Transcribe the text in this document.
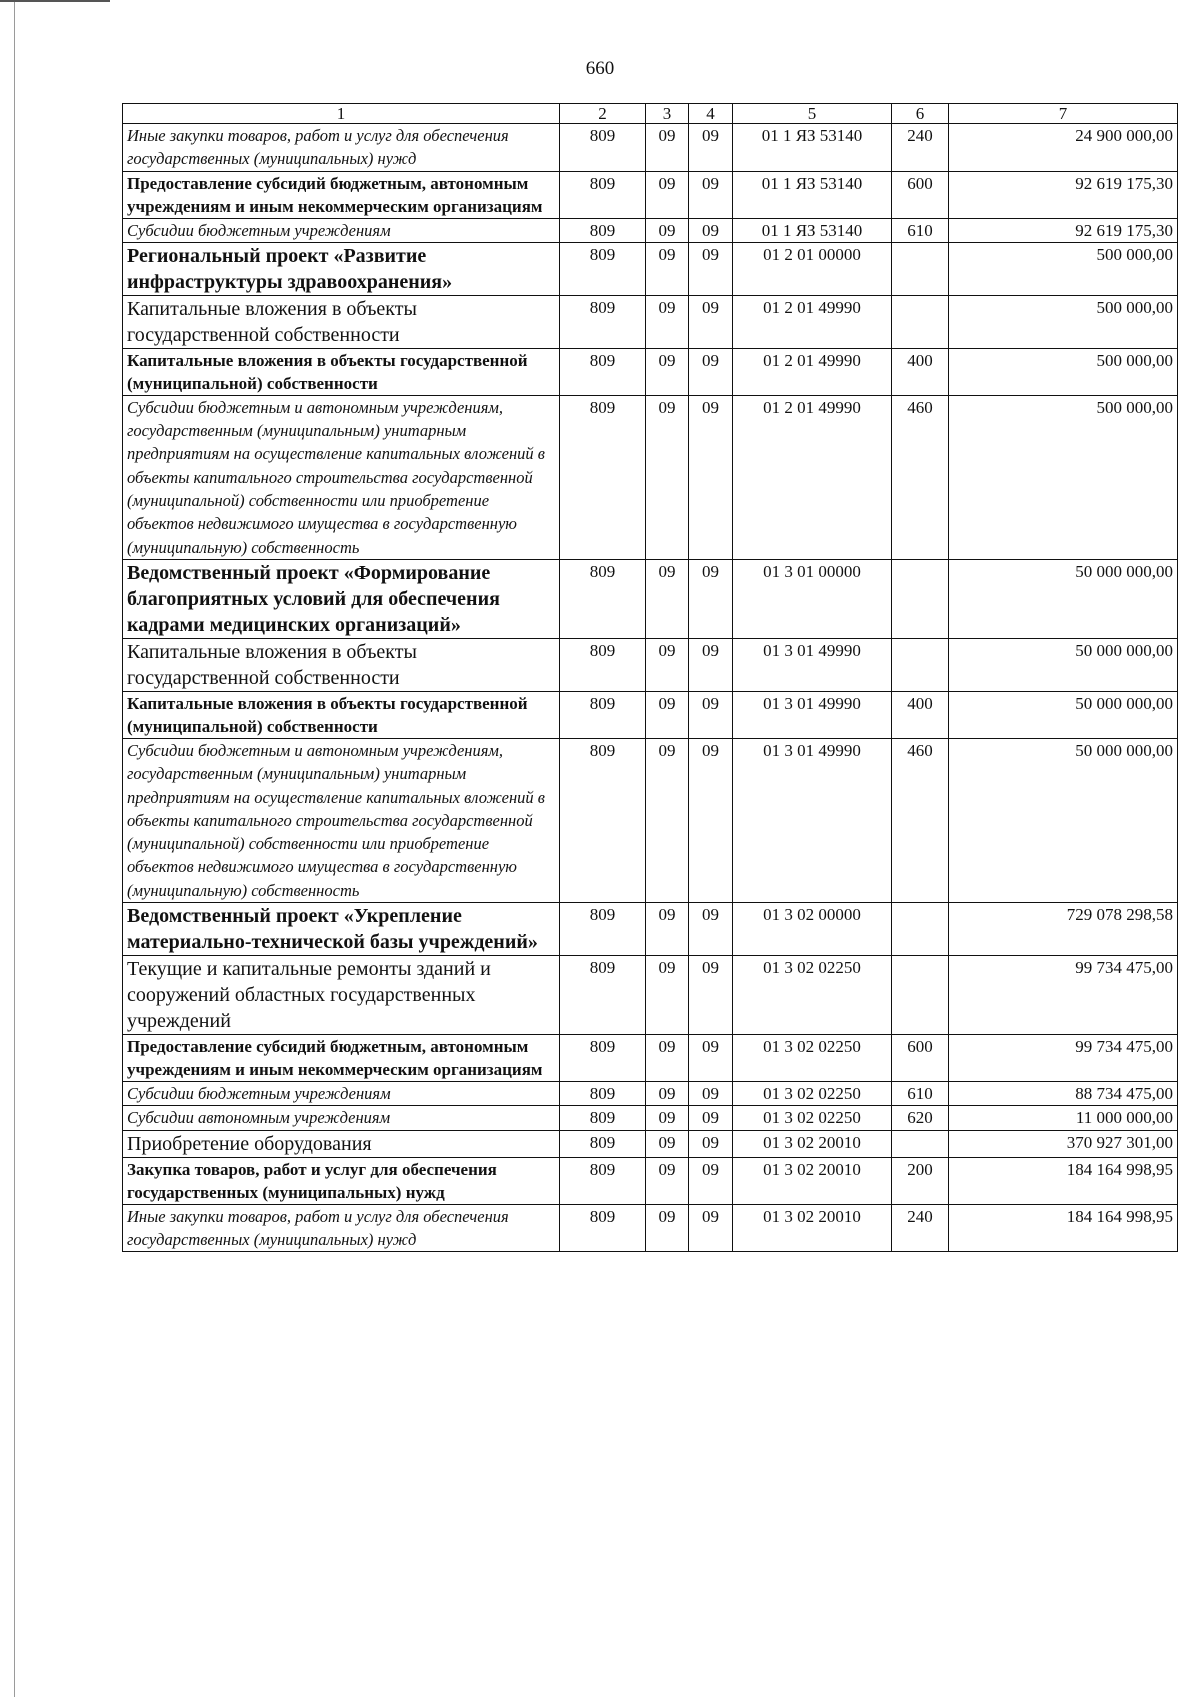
660
1	2	3	4	5	6	7
Иные закупки товаров, работ и услуг для обеспечения государственных (муниципальных) нужд	809	09	09	01 1 ЯЗ 53140	240	24 900 000,00
Предоставление субсидий бюджетным, автономным учреждениям и иным некоммерческим организациям	809	09	09	01 1 ЯЗ 53140	600	92 619 175,30
Субсидии бюджетным учреждениям	809	09	09	01 1 ЯЗ 53140	610	92 619 175,30
Региональный проект «Развитие инфраструктуры здравоохранения»	809	09	09	01 2 01 00000		500 000,00
Капитальные вложения в объекты государственной собственности	809	09	09	01 2 01 49990		500 000,00
Капитальные вложения в объекты государственной (муниципальной) собственности	809	09	09	01 2 01 49990	400	500 000,00
Субсидии бюджетным и автономным учреждениям, государственным (муниципальным) унитарным предприятиям на осуществление капитальных вложений в объекты капитального строительства государственной (муниципальной) собственности или приобретение объектов недвижимого имущества в государственную (муниципальную) собственность	809	09	09	01 2 01 49990	460	500 000,00
Ведомственный проект «Формирование благоприятных условий для обеспечения кадрами медицинских организаций»	809	09	09	01 3 01 00000		50 000 000,00
Капитальные вложения в объекты государственной собственности	809	09	09	01 3 01 49990		50 000 000,00
Капитальные вложения в объекты государственной (муниципальной) собственности	809	09	09	01 3 01 49990	400	50 000 000,00
Субсидии бюджетным и автономным учреждениям, государственным (муниципальным) унитарным предприятиям на осуществление капитальных вложений в объекты капитального строительства государственной (муниципальной) собственности или приобретение объектов недвижимого имущества в государственную (муниципальную) собственность	809	09	09	01 3 01 49990	460	50 000 000,00
Ведомственный проект «Укрепление материально-технической базы учреждений»	809	09	09	01 3 02 00000		729 078 298,58
Текущие и капитальные ремонты зданий и сооружений областных государственных учреждений	809	09	09	01 3 02 02250		99 734 475,00
Предоставление субсидий бюджетным, автономным учреждениям и иным некоммерческим организациям	809	09	09	01 3 02 02250	600	99 734 475,00
Субсидии бюджетным учреждениям	809	09	09	01 3 02 02250	610	88 734 475,00
Субсидии автономным учреждениям	809	09	09	01 3 02 02250	620	11 000 000,00
Приобретение оборудования	809	09	09	01 3 02 20010		370 927 301,00
Закупка товаров, работ и услуг для обеспечения государственных (муниципальных) нужд	809	09	09	01 3 02 20010	200	184 164 998,95
Иные закупки товаров, работ и услуг для обеспечения государственных (муниципальных) нужд	809	09	09	01 3 02 20010	240	184 164 998,95
